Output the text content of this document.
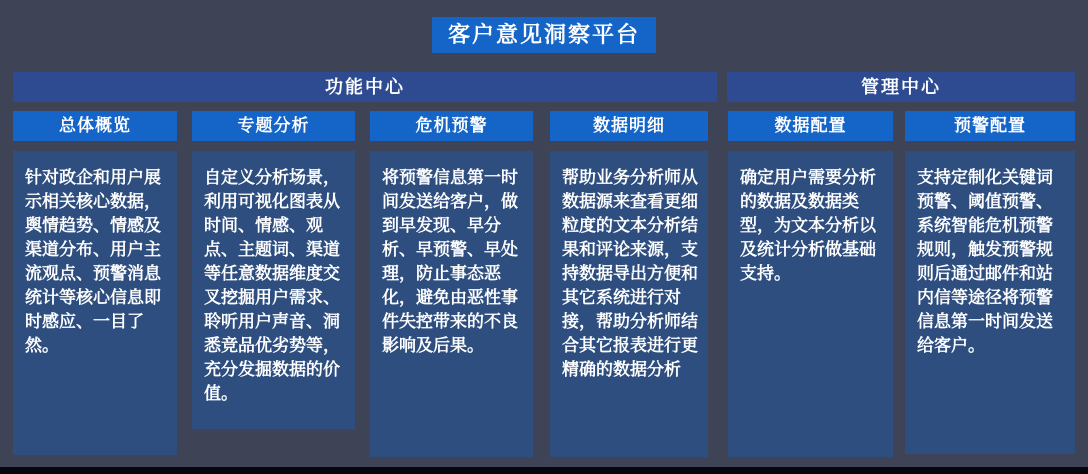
客户意见洞察平台
功能中心	管理中心
总体概览	专题分析	危机预警	数据明细	数据配置	预警配置

针对政企和用户展示相关核心数据，舆情趋势、情感及渠道分布、用户主流观点、预警消息统计等核心信息即时感应、一目了然。

自定义分析场景，利用可视化图表从时间、情感、观点、主题词、渠道等任意数据维度交叉挖掘用户需求、聆听用户声音、洞悉竞品优劣势等，充分发掘数据的价值。

将预警信息第一时间发送给客户，做到早发现、早分析、早预警、早处理，防止事态恶化，避免由恶性事件失控带来的不良影响及后果。

帮助业务分析师从数据源来查看更细粒度的文本分析结果和评论来源，支持数据导出方便和其它系统进行对接，帮助分析师结合其它报表进行更精确的数据分析

确定用户需要分析的数据及数据类型，为文本分析以及统计分析做基础支持。

支持定制化关键词预警、阈值预警、系统智能危机预警规则，触发预警规则后通过邮件和站内信等途径将预警信息第一时间发送给客户。
